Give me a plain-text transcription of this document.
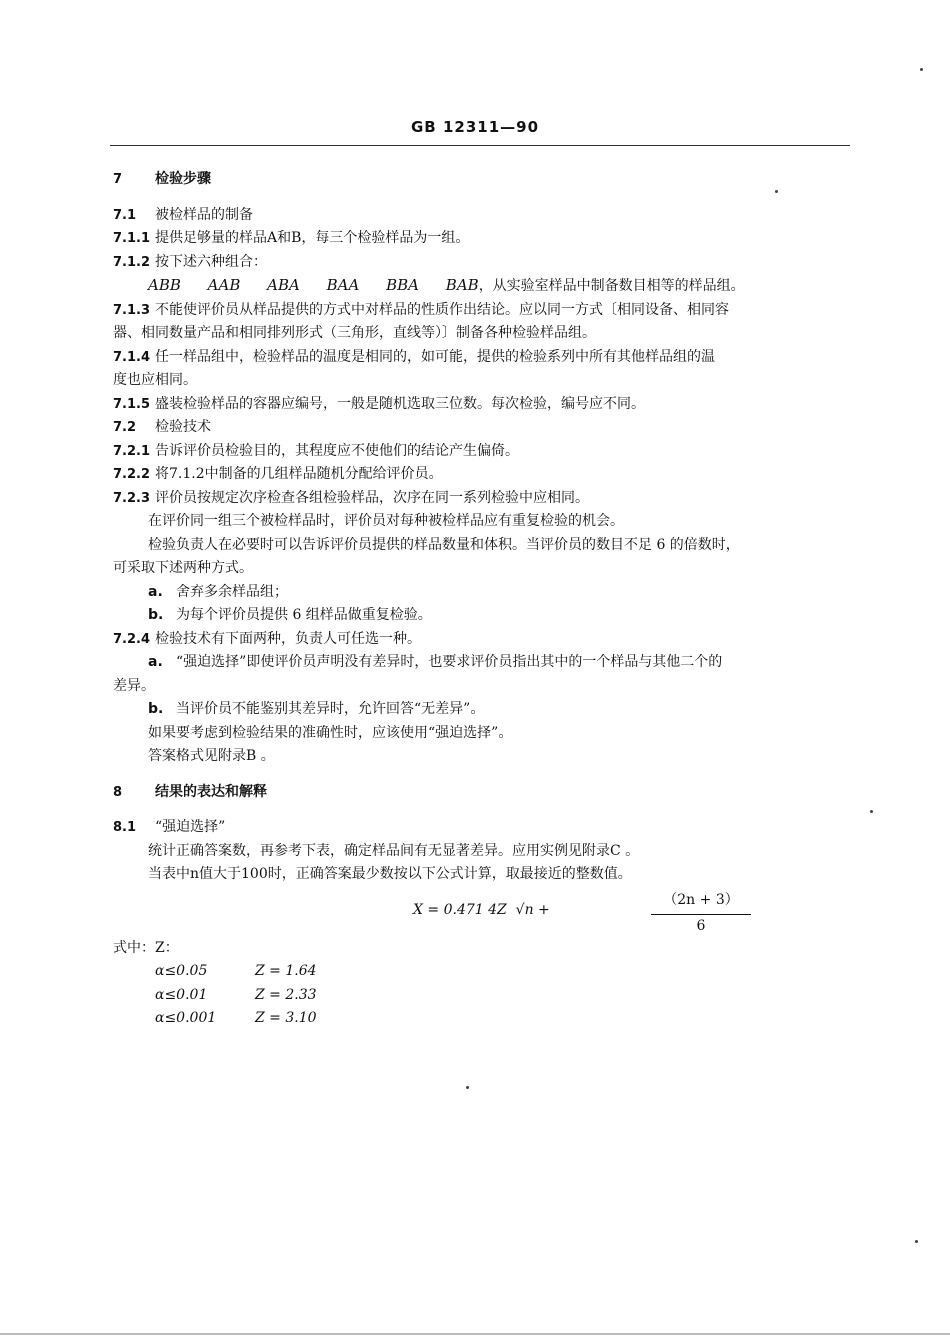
GB 12311—90
7 检验步骤
7.1 被检样品的制备
7.1.1 提供足够量的样品A和B，每三个检验样品为一组。
7.1.2 按下述六种组合：
ABB AAB ABA BAA BBA BAB，从实验室样品中制备数目相等的样品组。
7.1.3 不能使评价员从样品提供的方式中对样品的性质作出结论。应以同一方式〔相同设备、相同容
器、相同数量产品和相同排列形式（三角形，直线等）〕制备各种检验样品组。
7.1.4 任一样品组中，检验样品的温度是相同的，如可能，提供的检验系列中所有其他样品组的温
度也应相同。
7.1.5 盛装检验样品的容器应编号，一般是随机选取三位数。每次检验，编号应不同。
7.2 检验技术
7.2.1 告诉评价员检验目的，其程度应不使他们的结论产生偏倚。
7.2.2 将7.1.2中制备的几组样品随机分配给评价员。
7.2.3 评价员按规定次序检查各组检验样品，次序在同一系列检验中应相同。
在评价同一组三个被检样品时，评价员对每种被检样品应有重复检验的机会。
检验负责人在必要时可以告诉评价员提供的样品数量和体积。当评价员的数目不足 6 的倍数时，
可采取下述两种方式。
a. 舍弃多余样品组；
b. 为每个评价员提供 6 组样品做重复检验。
7.2.4 检验技术有下面两种，负责人可任选一种。
a. “强迫选择”即使评价员声明没有差异时，也要求评价员指出其中的一个样品与其他二个的
差异。
b. 当评价员不能鉴别其差异时，允许回答“无差异”。
如果要考虑到检验结果的准确性时，应该使用“强迫选择”。
答案格式见附录B 。
8 结果的表达和解释
8.1 “强迫选择”
统计正确答案数，再参考下表，确定样品间有无显著差异。应用实例见附录C 。
当表中n值大于100时，正确答案最少数按以下公式计算，取最接近的整数值。
X = 0.471 4Z √n +	$\frac{(2n + 3)}{6}$
式中：Z：
α≤0.05	Z = 1.64
α≤0.01	Z = 2.33
α≤0.001	Z = 3.10
